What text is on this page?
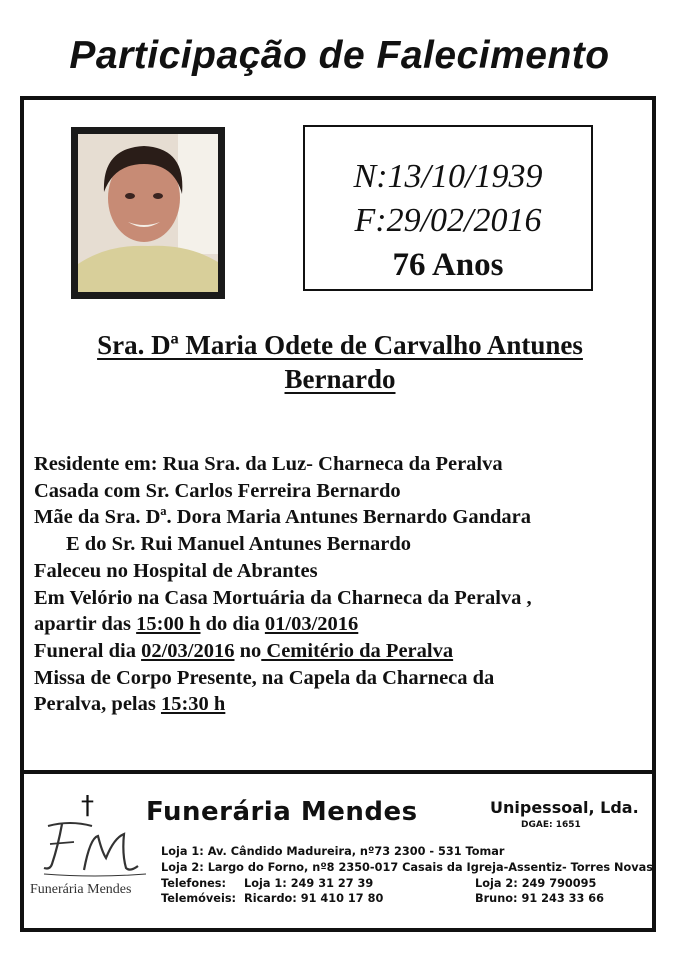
Participação de Falecimento
N:13/10/1939
F:29/02/2016
76 Anos
Sra. Dª Maria Odete de Carvalho Antunes
Bernardo
Residente em: Rua Sra. da Luz- Charneca da Peralva
Casada com Sr. Carlos Ferreira Bernardo
Mãe da Sra. Dª. Dora Maria Antunes Bernardo Gandara
E do Sr. Rui Manuel Antunes Bernardo
Faleceu no Hospital de Abrantes
Em Velório na Casa Mortuária da Charneca da Peralva ,
apartir das 15:00 h do dia 01/03/2016
Funeral dia 02/03/2016 no Cemitério da Peralva
Missa de Corpo Presente, na Capela da Charneca da
Peralva, pelas 15:30 h
†
Funerária Mendes
Funerária Mendes	Unipessoal, Lda.
DGAE: 1651
Loja 1: Av. Cândido Madureira, nº73 2300 - 531 Tomar
Loja 2: Largo do Forno, nº8 2350-017 Casais da Igreja-Assentiz- Torres Novas
Telefones: Loja 1: 249 31 27 39	Loja 2: 249 790095
Telemóveis: Ricardo: 91 410 17 80	Bruno: 91 243 33 66
